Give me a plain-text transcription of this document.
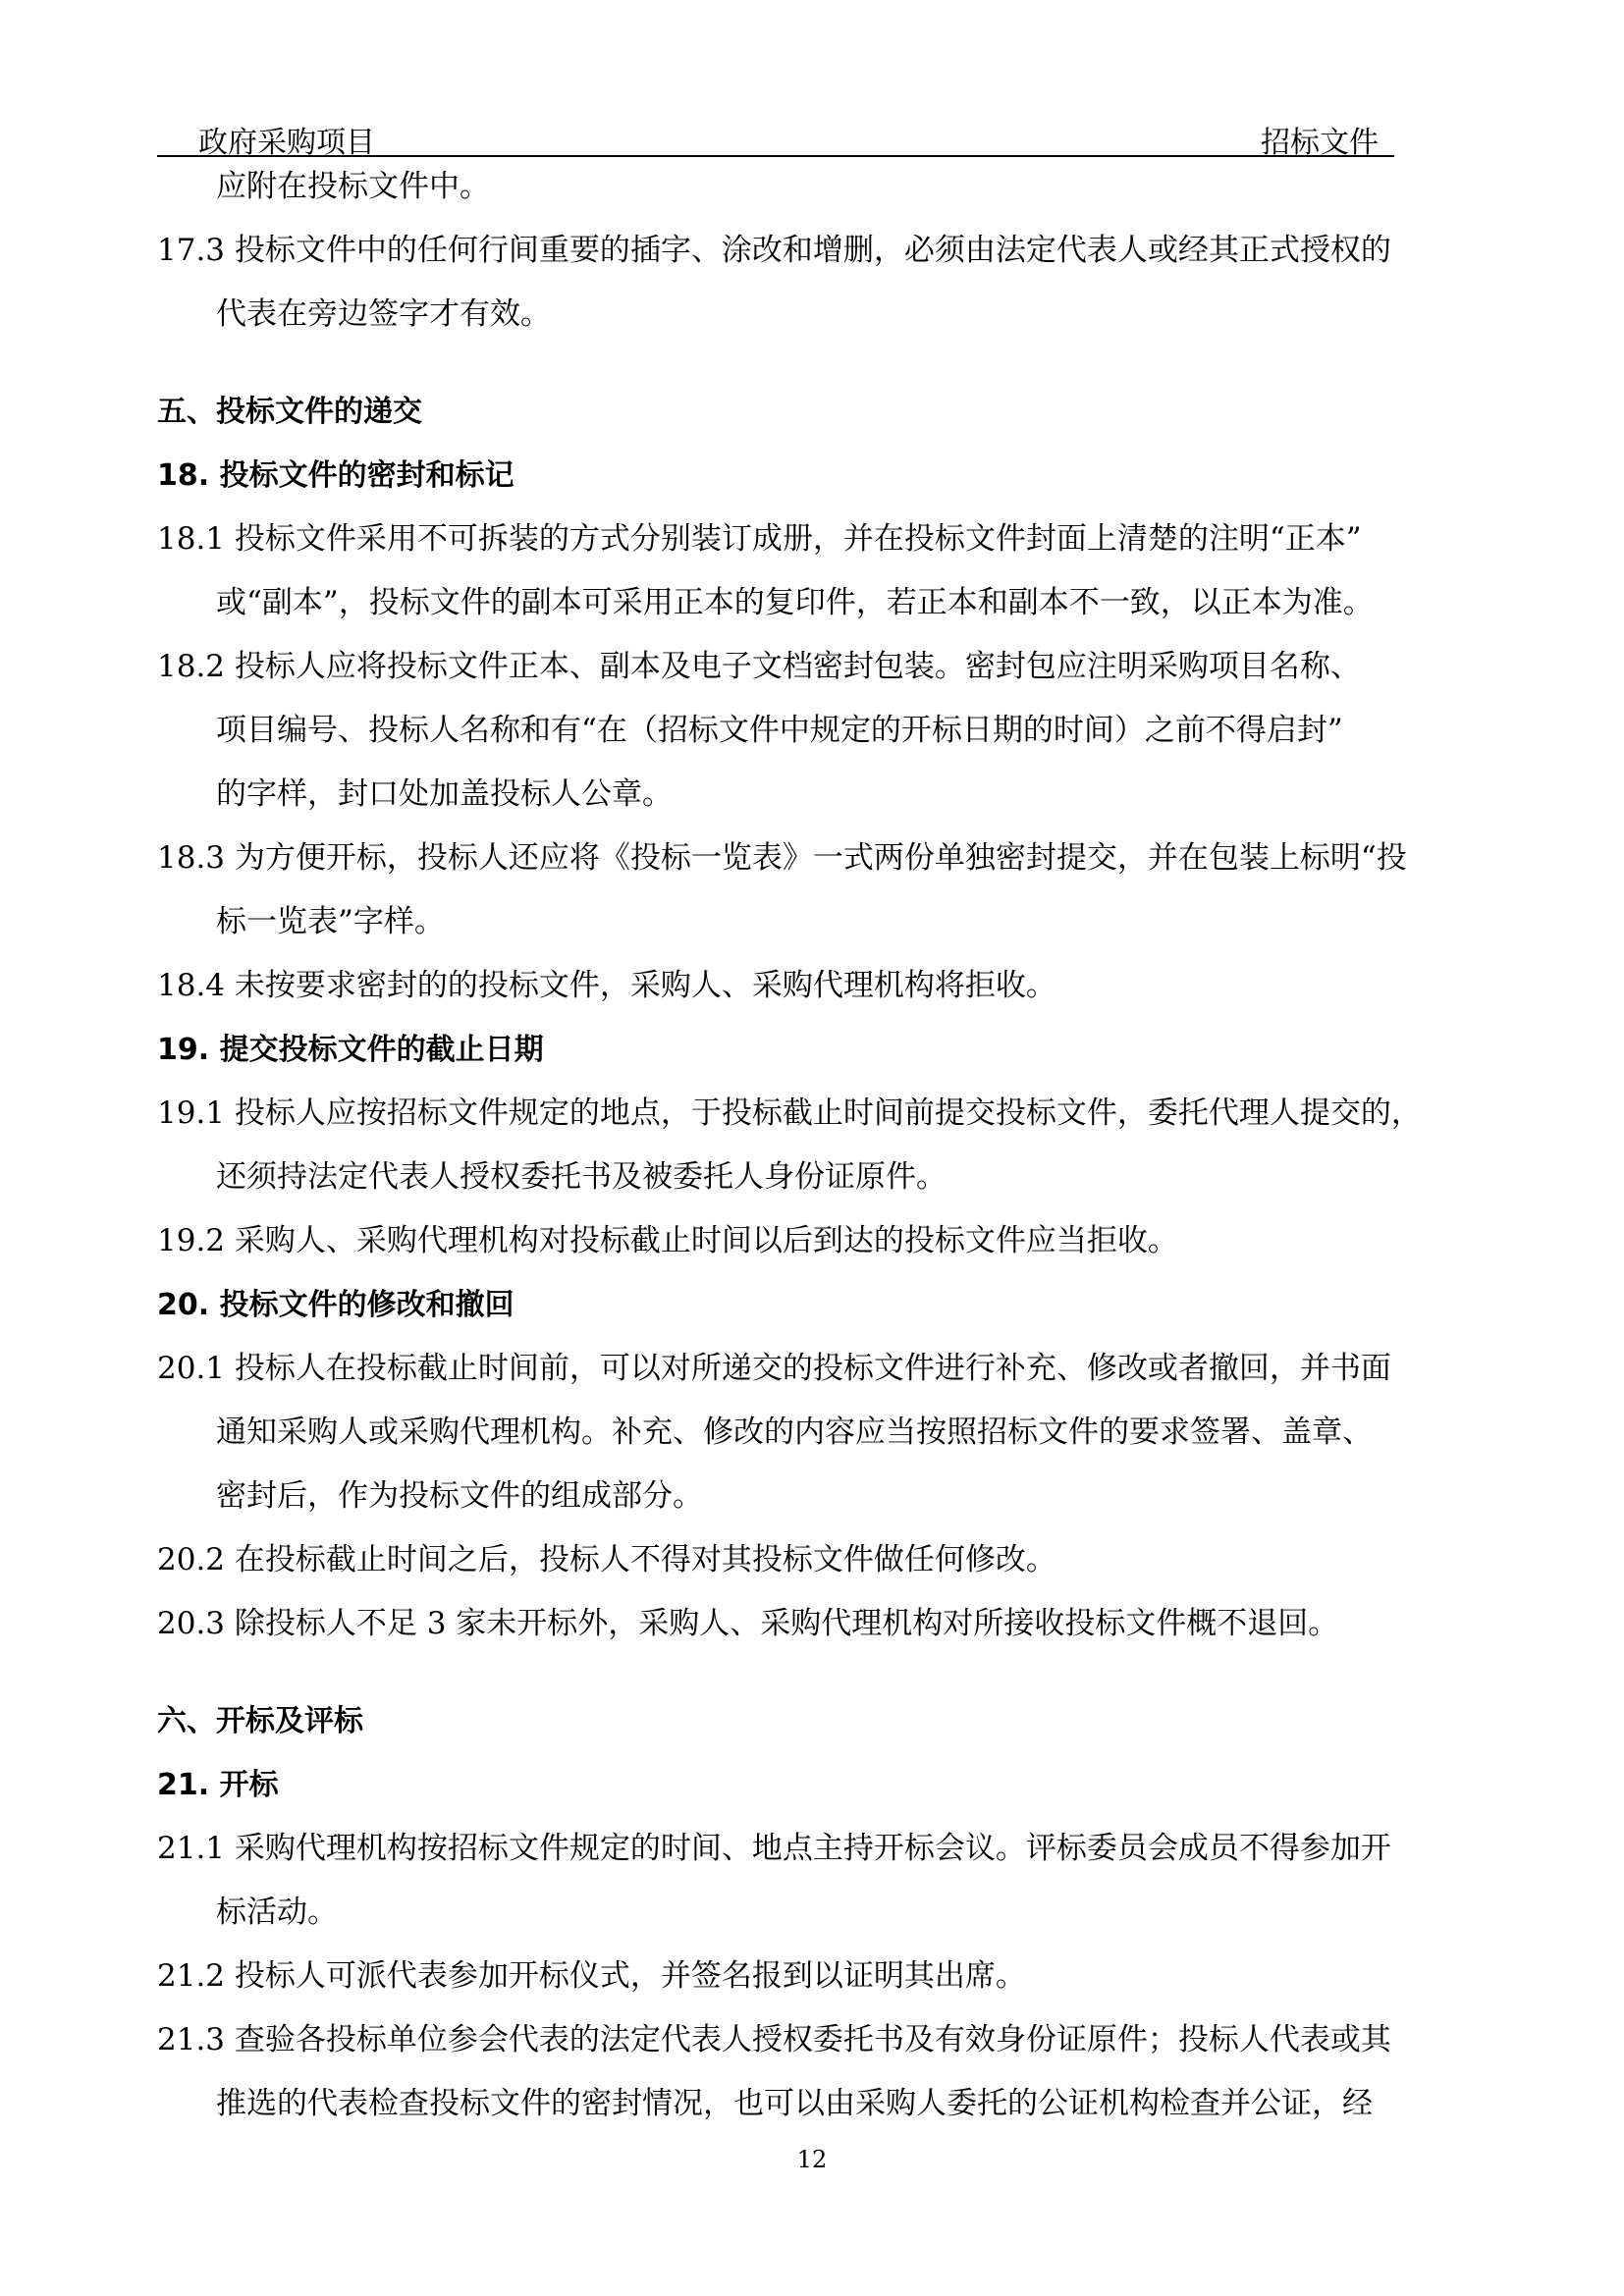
政府采购项目	招标文件
应附在投标文件中。
17.3 投标文件中的任何行间重要的插字、涂改和增删，必须由法定代表人或经其正式授权的
代表在旁边签字才有效。
五、投标文件的递交
18. 投标文件的密封和标记
18.1 投标文件采用不可拆装的方式分别装订成册，并在投标文件封面上清楚的注明“正本”
或“副本”，投标文件的副本可采用正本的复印件，若正本和副本不一致，以正本为准。
18.2 投标人应将投标文件正本、副本及电子文档密封包装。密封包应注明采购项目名称、
项目编号、投标人名称和有“在（招标文件中规定的开标日期的时间）之前不得启封”
的字样，封口处加盖投标人公章。
18.3 为方便开标，投标人还应将《投标一览表》一式两份单独密封提交，并在包装上标明“投
标一览表”字样。
18.4 未按要求密封的的投标文件，采购人、采购代理机构将拒收。
19. 提交投标文件的截止日期
19.1 投标人应按招标文件规定的地点，于投标截止时间前提交投标文件，委托代理人提交的，
还须持法定代表人授权委托书及被委托人身份证原件。
19.2 采购人、采购代理机构对投标截止时间以后到达的投标文件应当拒收。
20. 投标文件的修改和撤回
20.1 投标人在投标截止时间前，可以对所递交的投标文件进行补充、修改或者撤回，并书面
通知采购人或采购代理机构。补充、修改的内容应当按照招标文件的要求签署、盖章、
密封后，作为投标文件的组成部分。
20.2 在投标截止时间之后，投标人不得对其投标文件做任何修改。
20.3 除投标人不足 3 家未开标外，采购人、采购代理机构对所接收投标文件概不退回。
六、开标及评标
21. 开标
21.1 采购代理机构按招标文件规定的时间、地点主持开标会议。评标委员会成员不得参加开
标活动。
21.2 投标人可派代表参加开标仪式，并签名报到以证明其出席。
21.3 查验各投标单位参会代表的法定代表人授权委托书及有效身份证原件；投标人代表或其
推选的代表检查投标文件的密封情况，也可以由采购人委托的公证机构检查并公证，经
12
